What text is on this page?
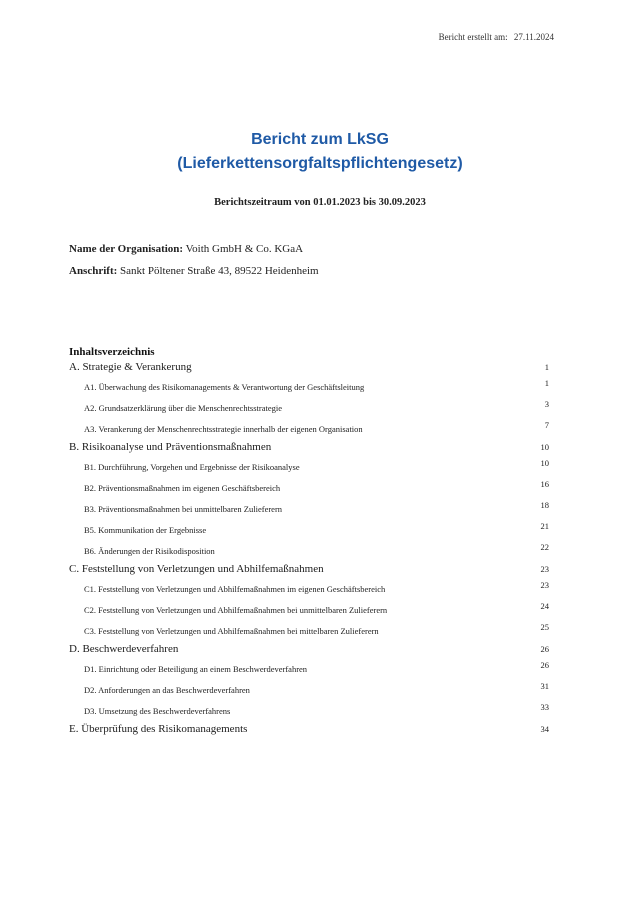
Bericht erstellt am: 27.11.2024
Bericht zum LkSG
(Lieferkettensorgfaltspflichtengesetz)
Berichtszeitraum von 01.01.2023 bis 30.09.2023
Name der Organisation: Voith GmbH & Co. KGaA
Anschrift: Sankt Pöltener Straße 43, 89522 Heidenheim
Inhaltsverzeichnis
A. Strategie & Verankerung	1
A1. Überwachung des Risikomanagements & Verantwortung der Geschäftsleitung	1
A2. Grundsatzerklärung über die Menschenrechtsstrategie	3
A3. Verankerung der Menschenrechtsstrategie innerhalb der eigenen Organisation	7
B. Risikoanalyse und Präventionsmaßnahmen	10
B1. Durchführung, Vorgehen und Ergebnisse der Risikoanalyse	10
B2. Präventionsmaßnahmen im eigenen Geschäftsbereich	16
B3. Präventionsmaßnahmen bei unmittelbaren Zulieferern	18
B5. Kommunikation der Ergebnisse	21
B6. Änderungen der Risikodisposition	22
C. Feststellung von Verletzungen und Abhilfemaßnahmen	23
C1. Feststellung von Verletzungen und Abhilfemaßnahmen im eigenen Geschäftsbereich	23
C2. Feststellung von Verletzungen und Abhilfemaßnahmen bei unmittelbaren Zulieferern	24
C3. Feststellung von Verletzungen und Abhilfemaßnahmen bei mittelbaren Zulieferern	25
D. Beschwerdeverfahren	26
D1. Einrichtung oder Beteiligung an einem Beschwerdeverfahren	26
D2. Anforderungen an das Beschwerdeverfahren	31
D3. Umsetzung des Beschwerdeverfahrens	33
E. Überprüfung des Risikomanagements	34
